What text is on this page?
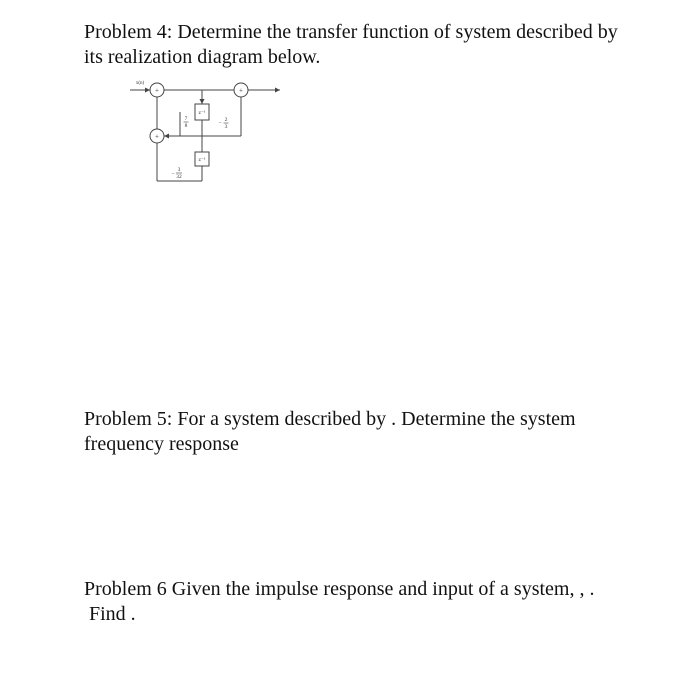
Problem 4: Determine the transfer function of system described by
its realization diagram below.
+
+
+
z⁻¹
z⁻¹
7
8	− 2
3
−
3
32
x(n)
Problem 5: For a system described by . Determine the system
frequency response
Problem 6 Given the impulse response and input of a system, , .
Find .
